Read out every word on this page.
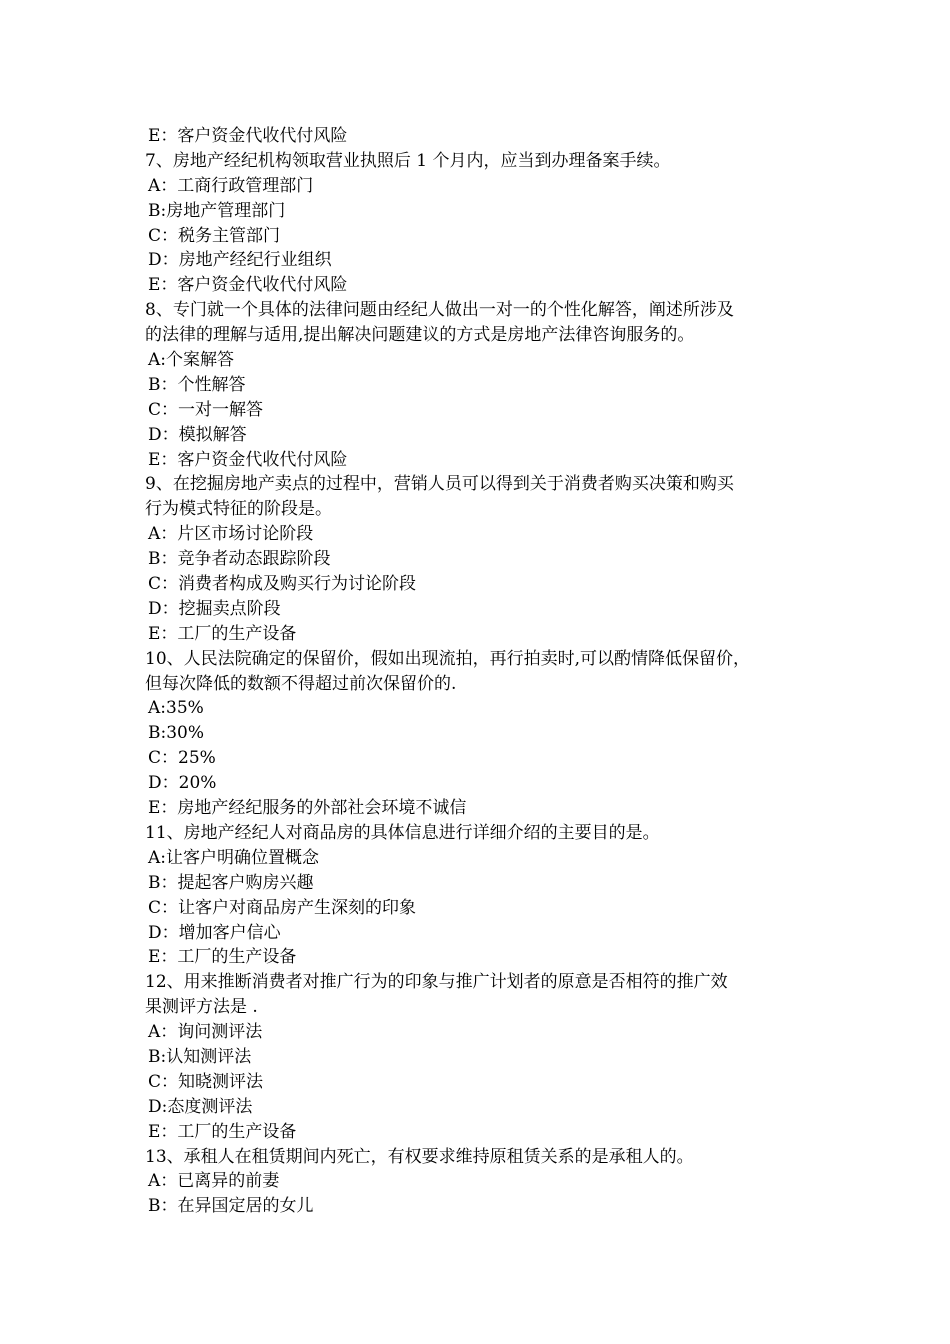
E：客户资金代收代付风险
7、房地产经纪机构领取营业执照后 1 个月内，应当到办理备案手续。
A：工商行政管理部门
B:房地产管理部门
C：税务主管部门
D：房地产经纪行业组织
E：客户资金代收代付风险
8、专门就一个具体的法律问题由经纪人做出一对一的个性化解答，阐述所涉及
的法律的理解与适用,提出解决问题建议的方式是房地产法律咨询服务的。
A:个案解答
B：个性解答
C：一对一解答
D：模拟解答
E：客户资金代收代付风险
9、在挖掘房地产卖点的过程中，营销人员可以得到关于消费者购买决策和购买
行为模式特征的阶段是。
A：片区市场讨论阶段
B：竞争者动态跟踪阶段
C：消费者构成及购买行为讨论阶段
D：挖掘卖点阶段
E：工厂的生产设备
10、人民法院确定的保留价，假如出现流拍，再行拍卖时,可以酌情降低保留价，
但每次降低的数额不得超过前次保留价的.
A:35%
B:30%
C：25%
D：20%
E：房地产经纪服务的外部社会环境不诚信
11、房地产经纪人对商品房的具体信息进行详细介绍的主要目的是。
A:让客户明确位置概念
B：提起客户购房兴趣
C：让客户对商品房产生深刻的印象
D：增加客户信心
E：工厂的生产设备
12、用来推断消费者对推广行为的印象与推广计划者的原意是否相符的推广效
果测评方法是 .
A：询问测评法
B:认知测评法
C：知晓测评法
D:态度测评法
E：工厂的生产设备
13、承租人在租赁期间内死亡，有权要求维持原租赁关系的是承租人的。
A：已离异的前妻
B：在异国定居的女儿
